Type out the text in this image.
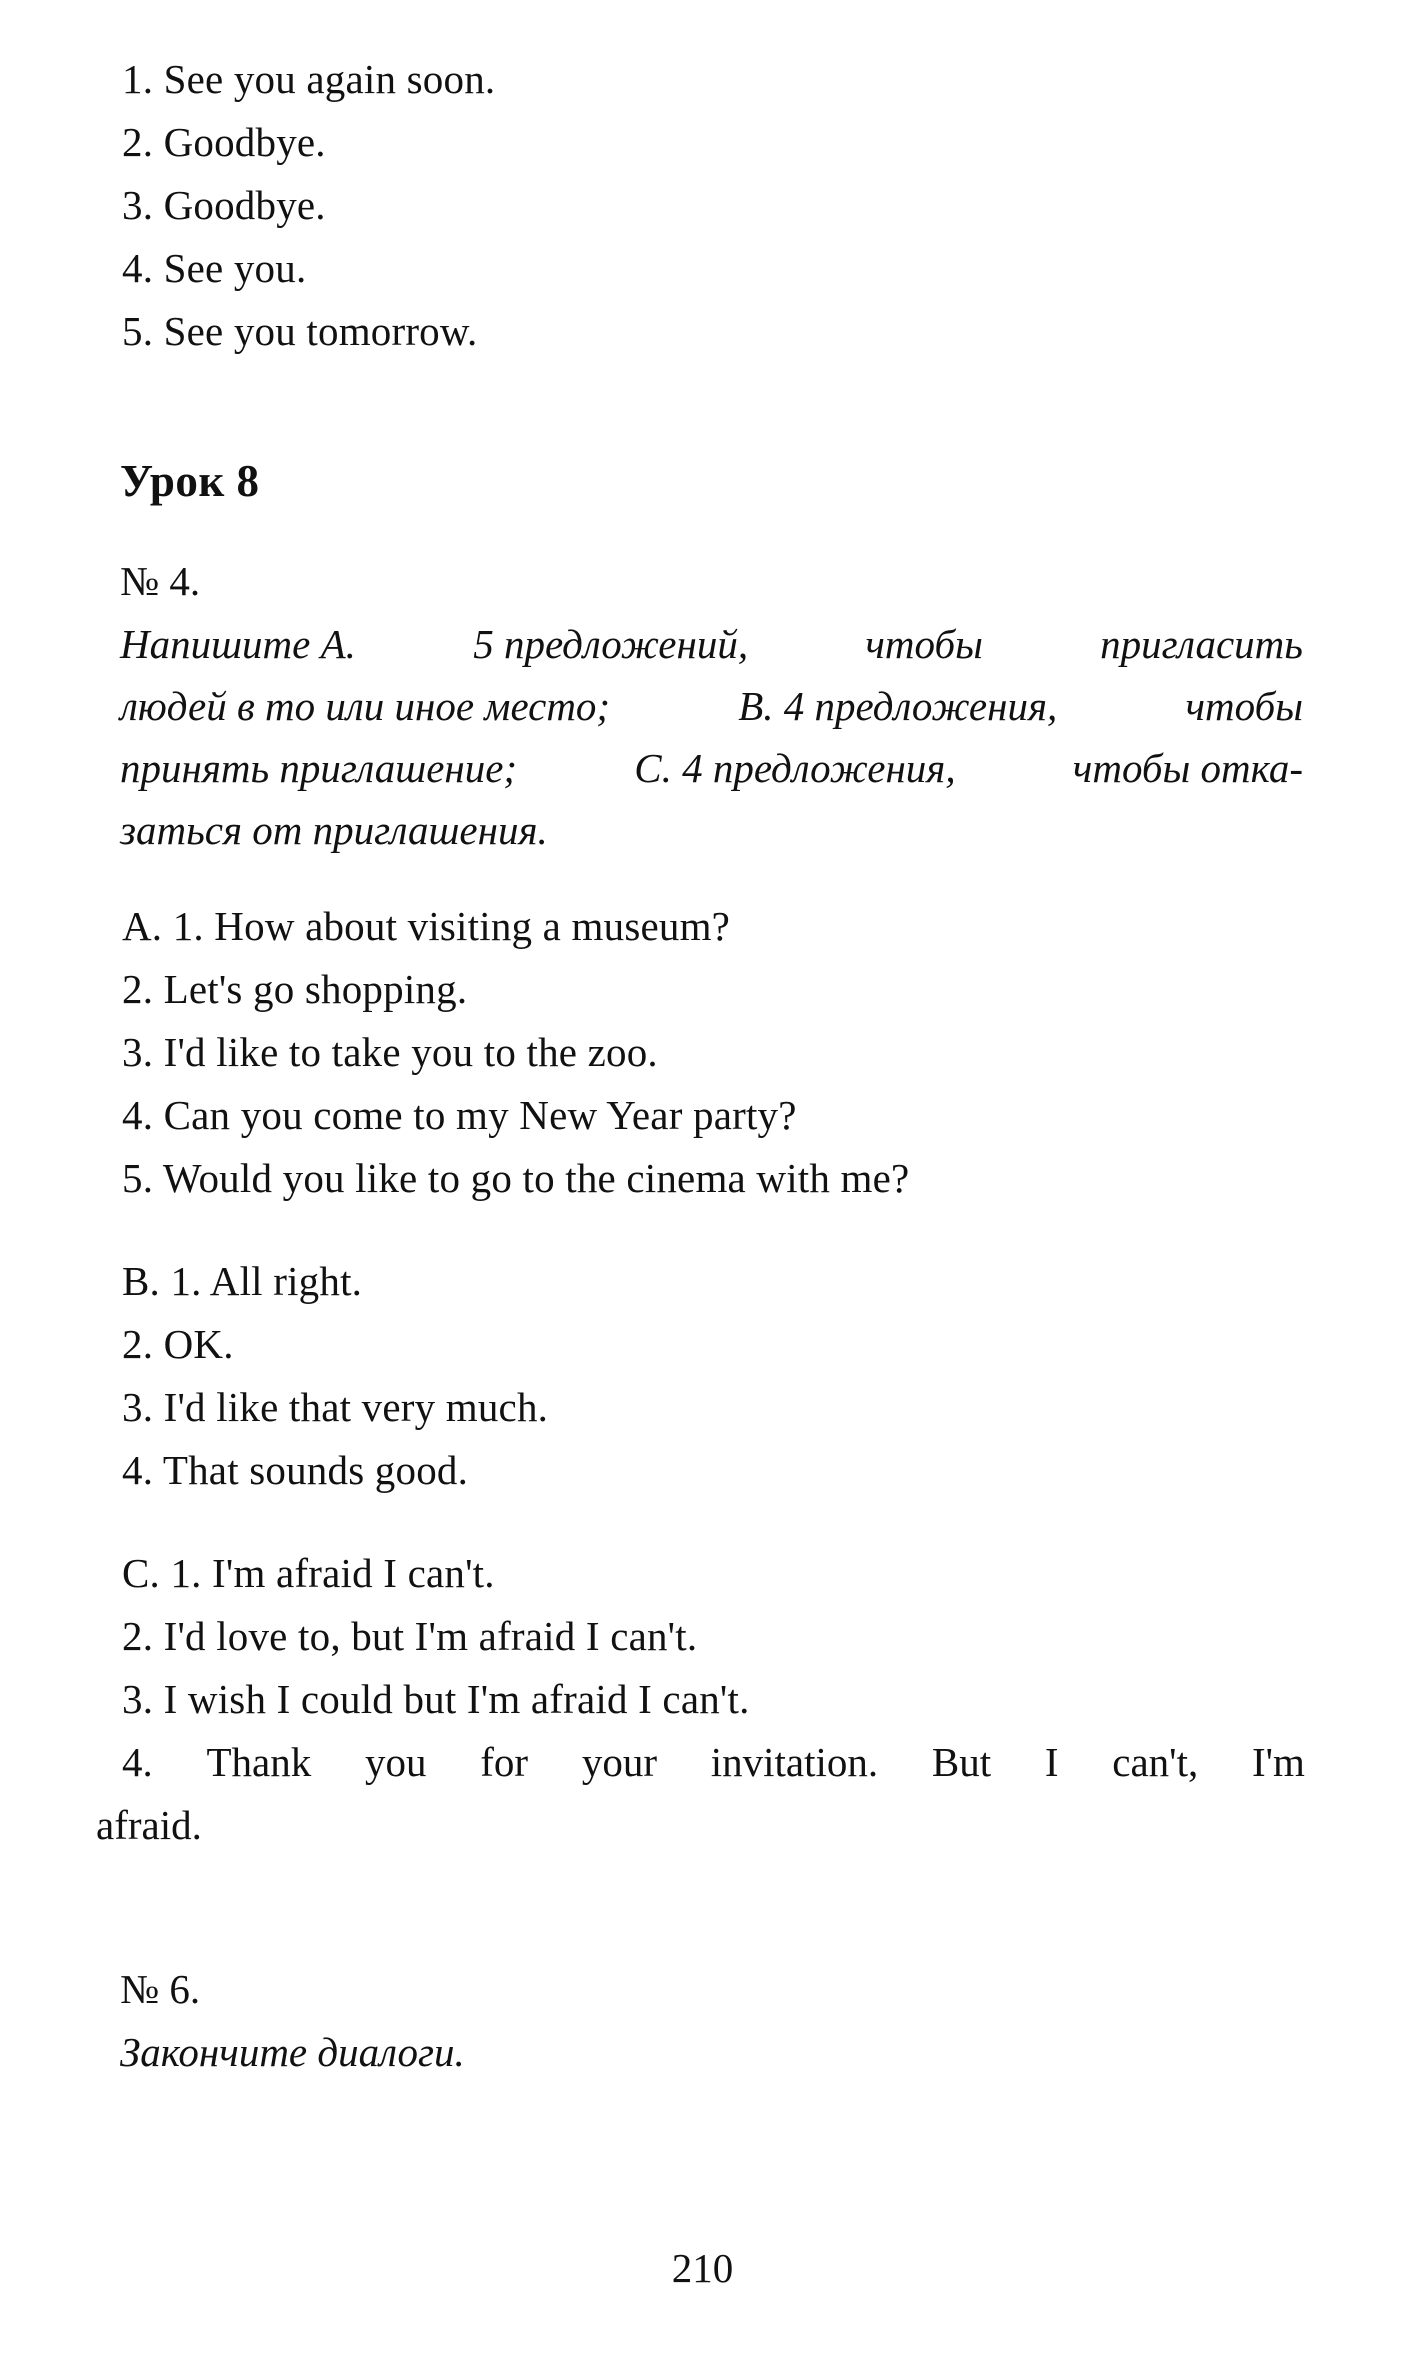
1. See you again soon.
2. Goodbye.
3. Goodbye.
4. See you.
5. See you tomorrow.
Урок 8
№ 4.
Напишите А.	5 предложений,	чтобы	пригласить
людей в то или иное место;	В. 4 предложения,	чтобы
принять приглашение;	С. 4 предложения,	чтобы отка-
заться от приглашения.
A. 1. How about visiting a museum?
2. Let's go shopping.
3. I'd like to take you to the zoo.
4. Can you come to my New Year party?
5. Would you like to go to the cinema with me?
B. 1. All right.
2. OK.
3. I'd like that very much.
4. That sounds good.
C. 1. I'm afraid I can't.
2. I'd love to, but I'm afraid I can't.
3. I wish I could but I'm afraid I can't.
4. Thank you for your invitation. But I can't, I'm
afraid.
№ 6.
Закончите диалоги.
210
